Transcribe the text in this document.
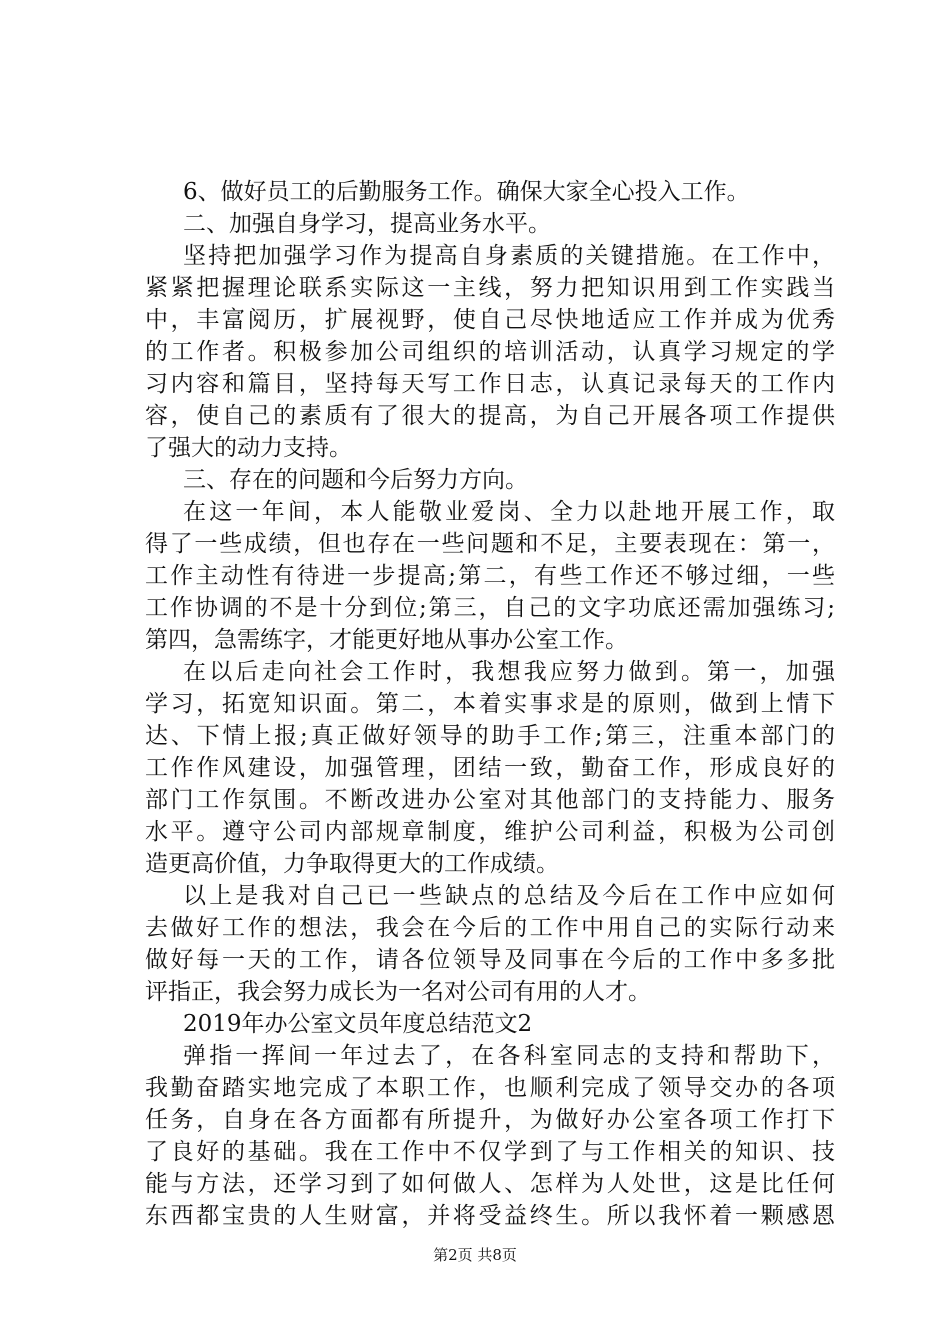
6、做好员工的后勤服务工作。确保大家全心投入工作。
二、加强自身学习，提高业务水平。
坚持把加强学习作为提高自身素质的关键措施。在工作中，
紧紧把握理论联系实际这一主线，努力把知识用到工作实践当
中，丰富阅历，扩展视野，使自己尽快地适应工作并成为优秀
的工作者。积极参加公司组织的培训活动，认真学习规定的学
习内容和篇目，坚持每天写工作日志，认真记录每天的工作内
容，使自己的素质有了很大的提高，为自己开展各项工作提供
了强大的动力支持。
三、存在的问题和今后努力方向。
在这一年间，本人能敬业爱岗、全力以赴地开展工作，取
得了一些成绩，但也存在一些问题和不足，主要表现在：第一，
工作主动性有待进一步提高;第二，有些工作还不够过细，一些
工作协调的不是十分到位;第三，自己的文字功底还需加强练习;
第四，急需练字，才能更好地从事办公室工作。
在以后走向社会工作时，我想我应努力做到。第一，加强
学习，拓宽知识面。第二，本着实事求是的原则，做到上情下
达、下情上报;真正做好领导的助手工作;第三，注重本部门的
工作作风建设，加强管理，团结一致，勤奋工作，形成良好的
部门工作氛围。不断改进办公室对其他部门的支持能力、服务
水平。遵守公司内部规章制度，维护公司利益，积极为公司创
造更高价值，力争取得更大的工作成绩。
以上是我对自己已一些缺点的总结及今后在工作中应如何
去做好工作的想法，我会在今后的工作中用自己的实际行动来
做好每一天的工作，请各位领导及同事在今后的工作中多多批
评指正，我会努力成长为一名对公司有用的人才。
2019年办公室文员年度总结范文2
弹指一挥间一年过去了，在各科室同志的支持和帮助下，
我勤奋踏实地完成了本职工作，也顺利完成了领导交办的各项
任务，自身在各方面都有所提升，为做好办公室各项工作打下
了良好的基础。我在工作中不仅学到了与工作相关的知识、技
能与方法，还学习到了如何做人、怎样为人处世，这是比任何
东西都宝贵的人生财富，并将受益终生。所以我怀着一颗感恩
第2页 共8页
